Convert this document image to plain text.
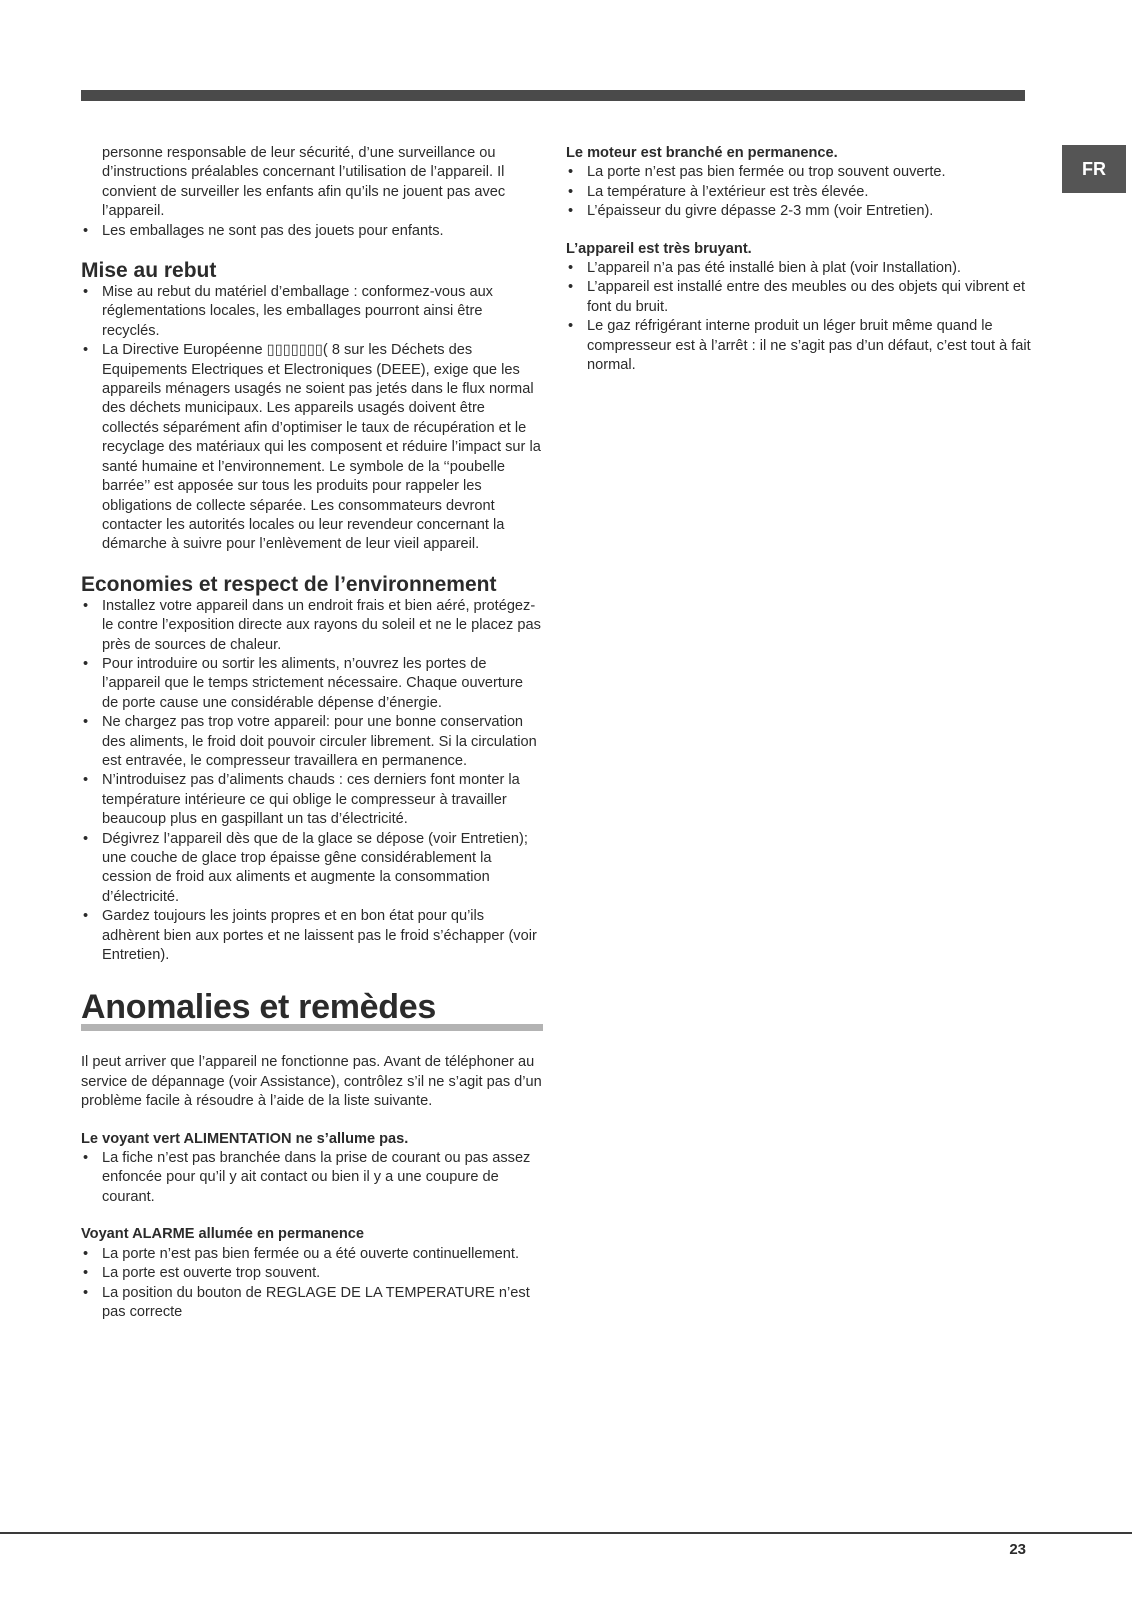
FR

personne responsable de leur sécurité, d’une surveillance ou d’instructions préalables concernant l’utilisation de l’appareil. Il convient de surveiller les enfants afin qu’ils ne jouent pas avec l’appareil.

• Les emballages ne sont pas des jouets pour enfants.
Mise au rebut
• Mise au rebut du matériel d’emballage : conformez-vous aux réglementations locales, les emballages pourront ainsi être recyclés.
• La Directive Européenne ▯▯▯▯▯▯▯( 8 sur les Déchets des Equipements Electriques et Electroniques (DEEE), exige que les appareils ménagers usagés ne soient pas jetés dans le flux normal des déchets municipaux. Les appareils usagés doivent être collectés séparément afin d’optimiser le taux de récupération et le recyclage des matériaux qui les composent et réduire l’impact sur la santé humaine et l’environnement. Le symbole de la ‘‘poubelle barrée’’ est apposée sur tous les produits pour rappeler les obligations de collecte séparée. Les consommateurs devront contacter les autorités locales ou leur revendeur concernant la démarche à suivre pour l’enlèvement de leur vieil appareil.
Economies et respect de l’environnement
• Installez votre appareil dans un endroit frais et bien aéré, protégez-le contre l’exposition directe aux rayons du soleil et ne le placez pas près de sources de chaleur.
• Pour introduire ou sortir les aliments, n’ouvrez les portes de l’appareil que le temps strictement nécessaire. Chaque ouverture de porte cause une considérable dépense d’énergie.
• Ne chargez pas trop votre appareil: pour une bonne conservation des aliments, le froid doit pouvoir circuler librement. Si la circulation est entravée, le compresseur travaillera en permanence.
• N’introduisez pas d’aliments chauds : ces derniers font monter la température intérieure ce qui oblige le compresseur à travailler beaucoup plus en gaspillant un tas d’électricité.
• Dégivrez l’appareil dès que de la glace se dépose (voir Entretien); une couche de glace trop épaisse gêne considérablement la cession de froid aux aliments et augmente la consommation d’électricité.
• Gardez toujours les joints propres et en bon état pour qu’ils adhèrent bien aux portes et ne laissent pas le froid s’échapper (voir Entretien).
Anomalies et remèdes

Il peut arriver que l’appareil ne fonctionne pas. Avant de téléphoner au service de dépannage (voir Assistance), contrôlez s’il ne s’agit pas d’un problème facile à résoudre à l’aide de la liste suivante.

Le voyant vert ALIMENTATION ne s’allume pas.

• La fiche n’est pas branchée dans la prise de courant ou pas assez enfoncée pour qu’il y ait contact ou bien il y a une coupure de courant.

Voyant ALARME allumée en permanence

• La porte n’est pas bien fermée ou a été ouverte continuellement.
• La porte est ouverte trop souvent.
• La position du bouton de REGLAGE DE LA TEMPERATURE n’est pas correcte

Le moteur est branché en permanence.

• La porte n’est pas bien fermée ou trop souvent ouverte.
• La température à l’extérieur est très élevée.
• L’épaisseur du givre dépasse 2-3 mm (voir Entretien).

L’appareil est très bruyant.

• L’appareil n’a pas été installé bien à plat (voir Installation).
• L’appareil est installé entre des meubles ou des objets qui vibrent et font du bruit.
• Le gaz réfrigérant interne produit un léger bruit même quand le compresseur est à l’arrêt : il ne s’agit pas d’un défaut, c’est tout à fait normal.
23
